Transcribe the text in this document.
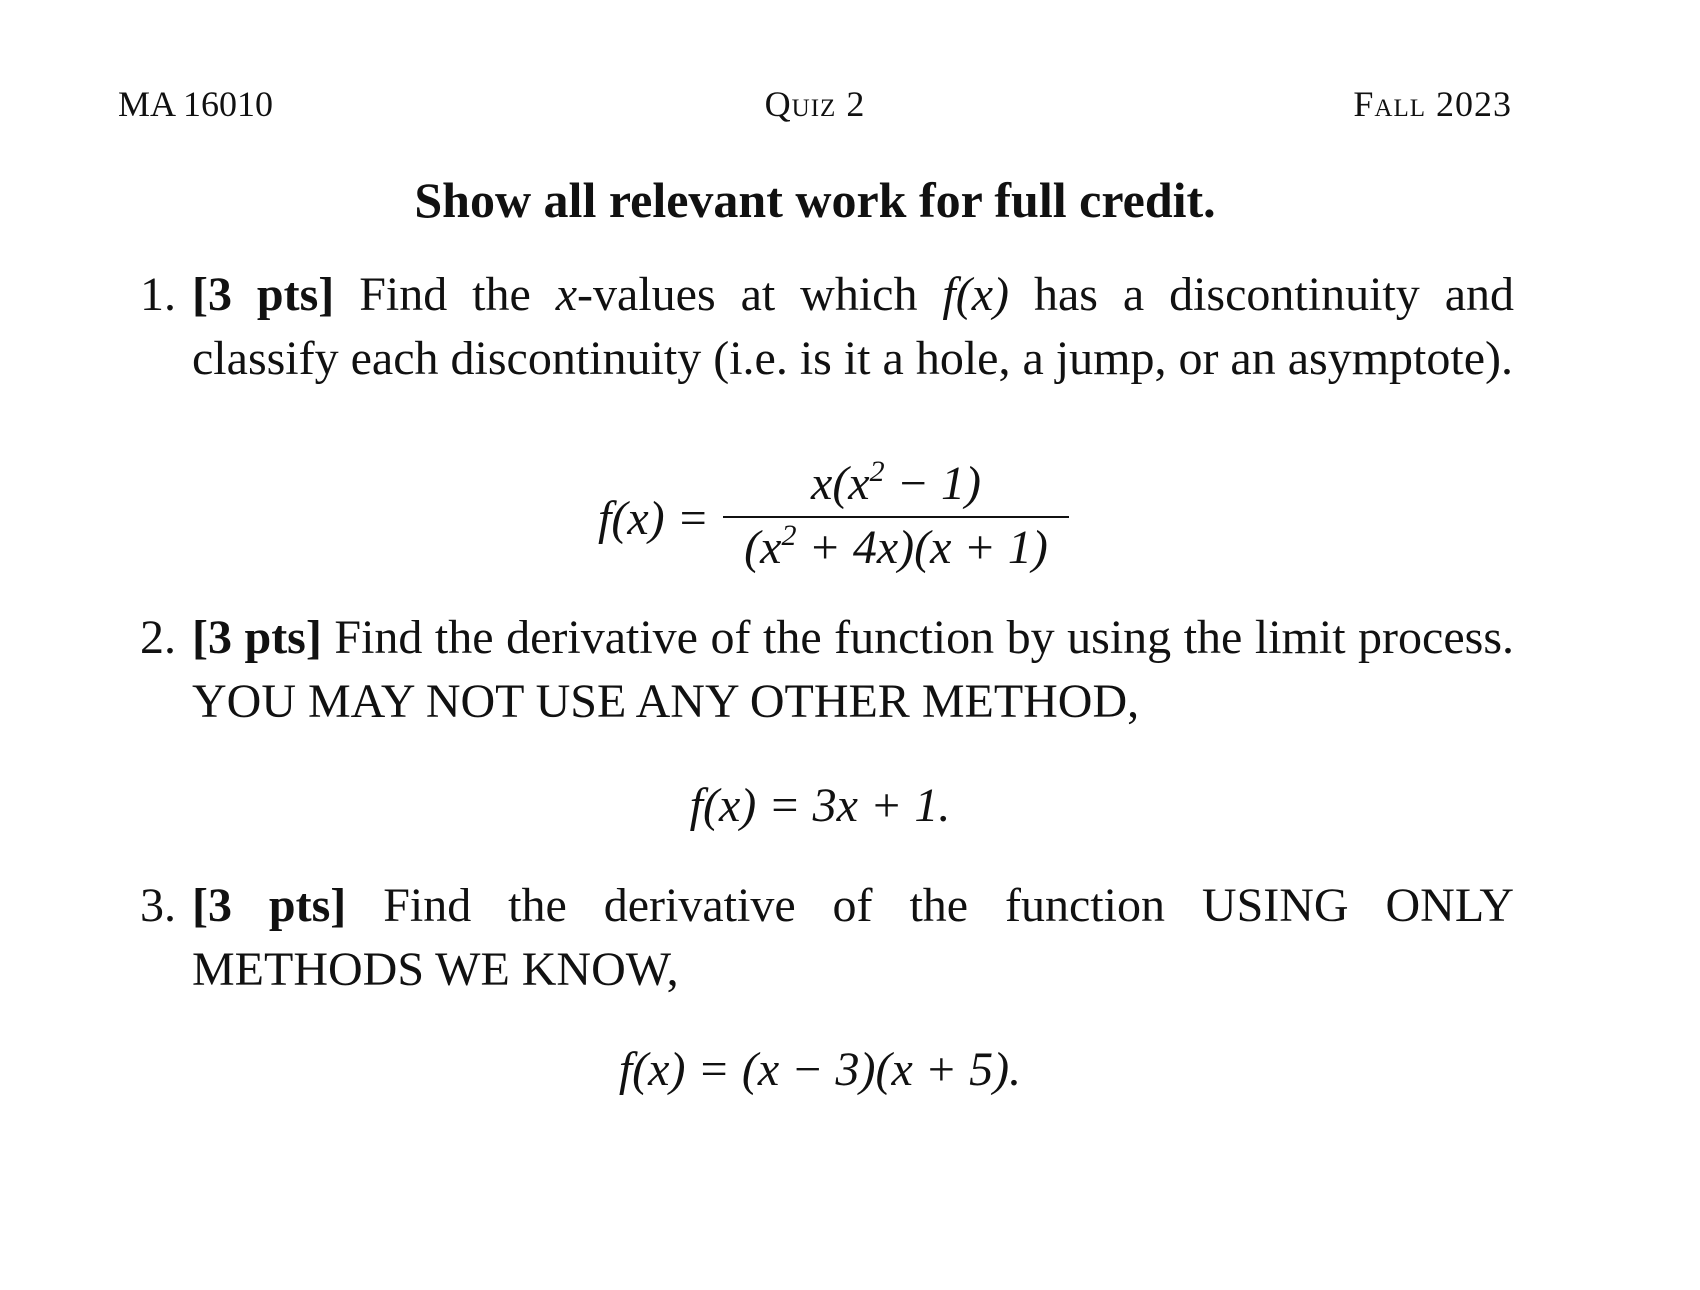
MA 16010	Quiz 2	Fall 2023
Show all relevant work for full credit.
1. [3 pts] Find the x-values at which f(x) has a discontinuity and classify each discontinuity (i.e. is it a hole, a jump, or an asymptote).
$f(x) = \frac{x(x^2 - 1)}{(x^2 + 4x)(x + 1)}$
2. [3 pts] Find the derivative of the function by using the limit process. YOU MAY NOT USE ANY OTHER METHOD,
f(x) = 3x + 1.
3. [3 pts] Find the derivative of the function USING ONLY METHODS WE KNOW,
f(x) = (x − 3)(x + 5).
